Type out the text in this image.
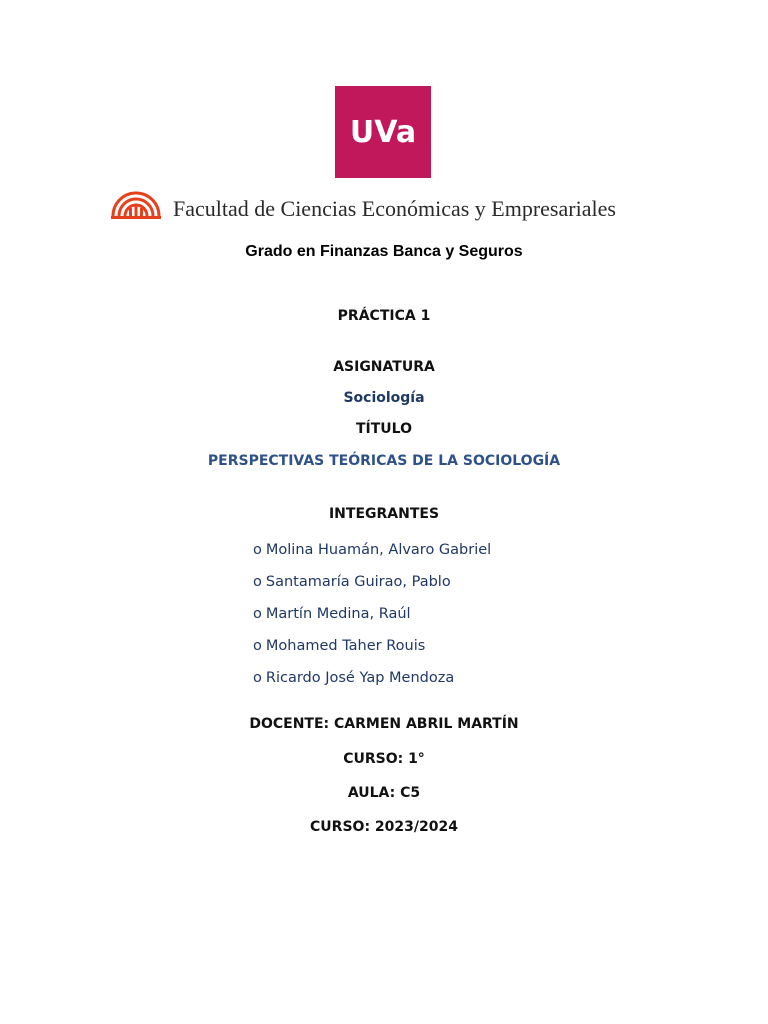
UVa
Facultad de Ciencias Económicas y Empresariales
Grado en Finanzas Banca y Seguros
PRÁCTICA 1
ASIGNATURA
Sociología
TÍTULO
PERSPECTIVAS TEÓRICAS DE LA SOCIOLOGÍA
INTEGRANTES
o Molina Huamán, Alvaro Gabriel
o Santamaría Guirao, Pablo
o Martín Medina, Raúl
o Mohamed Taher Rouis
o Ricardo José Yap Mendoza
DOCENTE: CARMEN ABRIL MARTÍN
CURSO: 1°
AULA: C5
CURSO: 2023/2024
